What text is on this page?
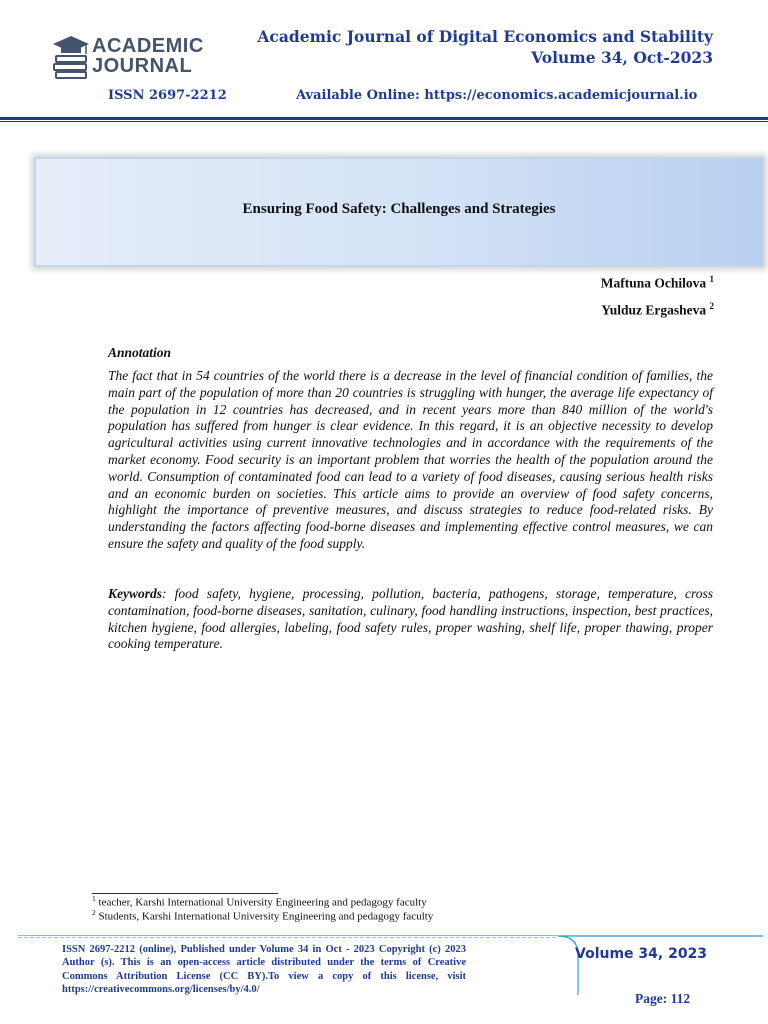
ACADEMIC
JOURNAL
Academic Journal of Digital Economics and Stability
Volume 34, Oct-2023
ISSN 2697-2212	Available Online: https://economics.academicjournal.io
Ensuring Food Safety: Challenges and Strategies
Maftuna Ochilova $^1$
Yulduz Ergasheva $^2$
Annotation

The fact that in 54 countries of the world there is a decrease in the level of financial condition of families, the main part of the population of more than 20 countries is struggling with hunger, the average life expectancy of the population in 12 countries has decreased, and in recent years more than 840 million of the world's population has suffered from hunger is clear evidence. In this regard, it is an objective necessity to develop agricultural activities using current innovative technologies and in accordance with the requirements of the market economy. Food security is an important problem that worries the health of the population around the world. Consumption of contaminated food can lead to a variety of food diseases, causing serious health risks and an economic burden on societies. This article aims to provide an overview of food safety concerns, highlight the importance of preventive measures, and discuss strategies to reduce food-related risks. By understanding the factors affecting food-borne diseases and implementing effective control measures, we can ensure the safety and quality of the food supply.

Keywords: food safety, hygiene, processing, pollution, bacteria, pathogens, storage, temperature, cross contamination, food-borne diseases, sanitation, culinary, food handling instructions, inspection, best practices, kitchen hygiene, food allergies, labeling, food safety rules, proper washing, shelf life, proper thawing, proper cooking temperature.

$^1$ teacher, Karshi International University Engineering and pedagogy faculty
$^2$ Students, Karshi International University Engineering and pedagogy faculty

ISSN 2697-2212 (online), Published under Volume 34 in Oct - 2023 Copyright (c) 2023 Author (s). This is an open-access article distributed under the terms of Creative Commons Attribution License (CC BY).To view a copy of this license, visit https://creativecommons.org/licenses/by/4.0/

Volume 34, 2023
Page: 112
